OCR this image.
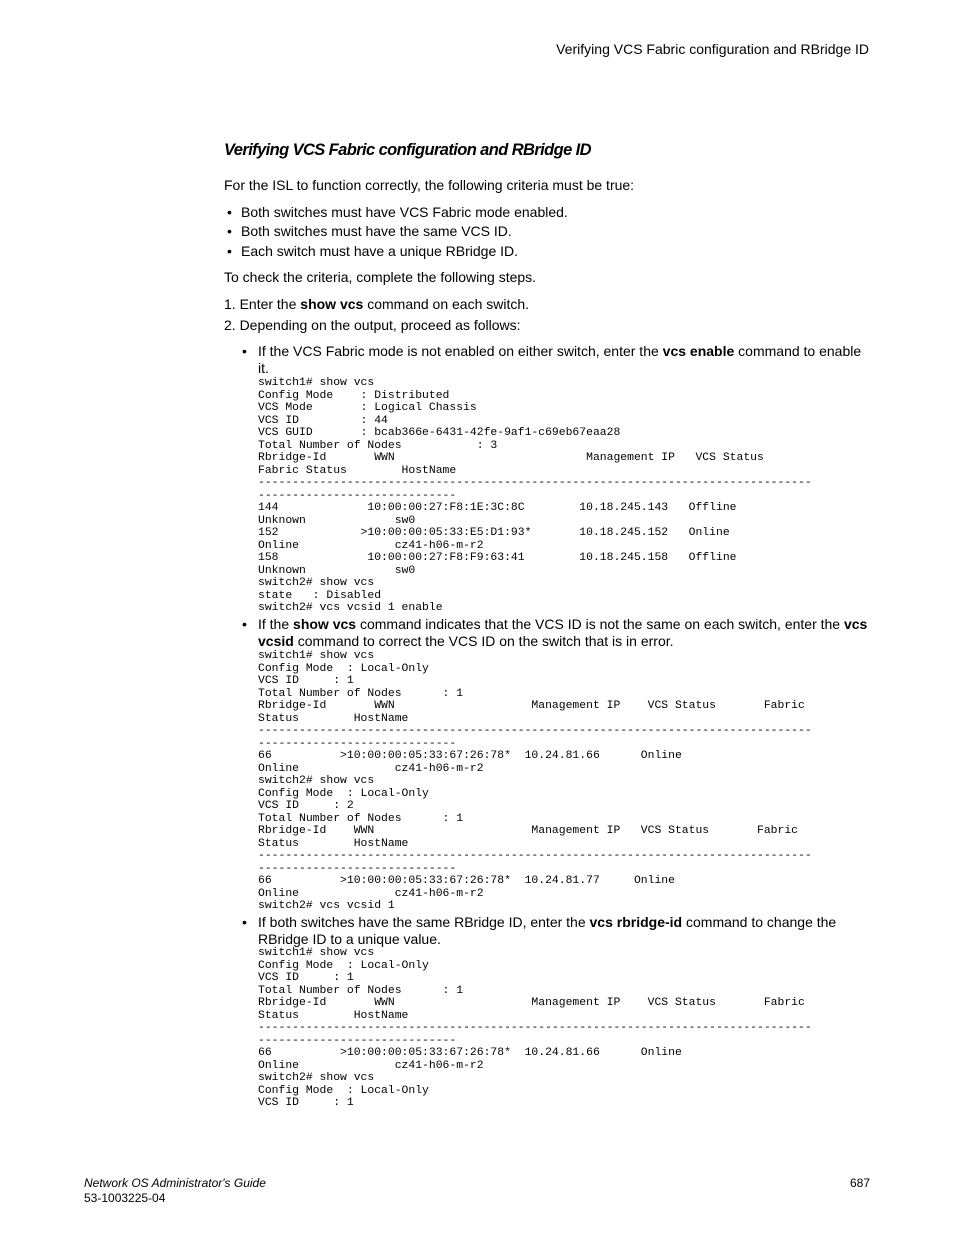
Verifying VCS Fabric configuration and RBridge ID
Verifying VCS Fabric configuration and RBridge ID
For the ISL to function correctly, the following criteria must be true:
• Both switches must have VCS Fabric mode enabled.
• Both switches must have the same VCS ID.
• Each switch must have a unique RBridge ID.
To check the criteria, complete the following steps.
1. Enter the show vcs command on each switch.
2. Depending on the output, proceed as follows:
• If the VCS Fabric mode is not enabled on either switch, enter the vcs enable command to enable it.
switch1# show vcs
Config Mode    : Distributed
VCS Mode       : Logical Chassis
VCS ID         : 44
VCS GUID       : bcab366e-6431-42fe-9af1-c69eb67eaa28
Total Number of Nodes           : 3
Rbridge-Id       WWN                            Management IP   VCS Status
Fabric Status        HostName
---------------------------------------------------------------------------------
-----------------------------
144             10:00:00:27:F8:1E:3C:8C        10.18.245.143   Offline
Unknown             sw0
152            >10:00:00:05:33:E5:D1:93*       10.18.245.152   Online
Online              cz41-h06-m-r2
158             10:00:00:27:F8:F9:63:41        10.18.245.158   Offline
Unknown             sw0
switch2# show vcs
state   : Disabled
switch2# vcs vcsid 1 enable
• If the show vcs command indicates that the VCS ID is not the same on each switch, enter the vcs vcsid command to correct the VCS ID on the switch that is in error.
switch1# show vcs
Config Mode  : Local-Only
VCS ID     : 1
Total Number of Nodes      : 1
Rbridge-Id       WWN                    Management IP    VCS Status       Fabric
Status        HostName
---------------------------------------------------------------------------------
-----------------------------
66          >10:00:00:05:33:67:26:78*  10.24.81.66      Online
Online              cz41-h06-m-r2
switch2# show vcs
Config Mode  : Local-Only
VCS ID     : 2
Total Number of Nodes      : 1
Rbridge-Id    WWN                       Management IP   VCS Status       Fabric
Status        HostName
---------------------------------------------------------------------------------
-----------------------------
66          >10:00:00:05:33:67:26:78*  10.24.81.77     Online
Online              cz41-h06-m-r2
switch2# vcs vcsid 1
• If both switches have the same RBridge ID, enter the vcs rbridge-id command to change the RBridge ID to a unique value.
switch1# show vcs
Config Mode  : Local-Only
VCS ID     : 1
Total Number of Nodes      : 1
Rbridge-Id       WWN                    Management IP    VCS Status       Fabric
Status        HostName
---------------------------------------------------------------------------------
-----------------------------
66          >10:00:00:05:33:67:26:78*  10.24.81.66      Online
Online              cz41-h06-m-r2
switch2# show vcs
Config Mode  : Local-Only
VCS ID     : 1
Network OS Administrator's Guide
53-1003225-04
687
